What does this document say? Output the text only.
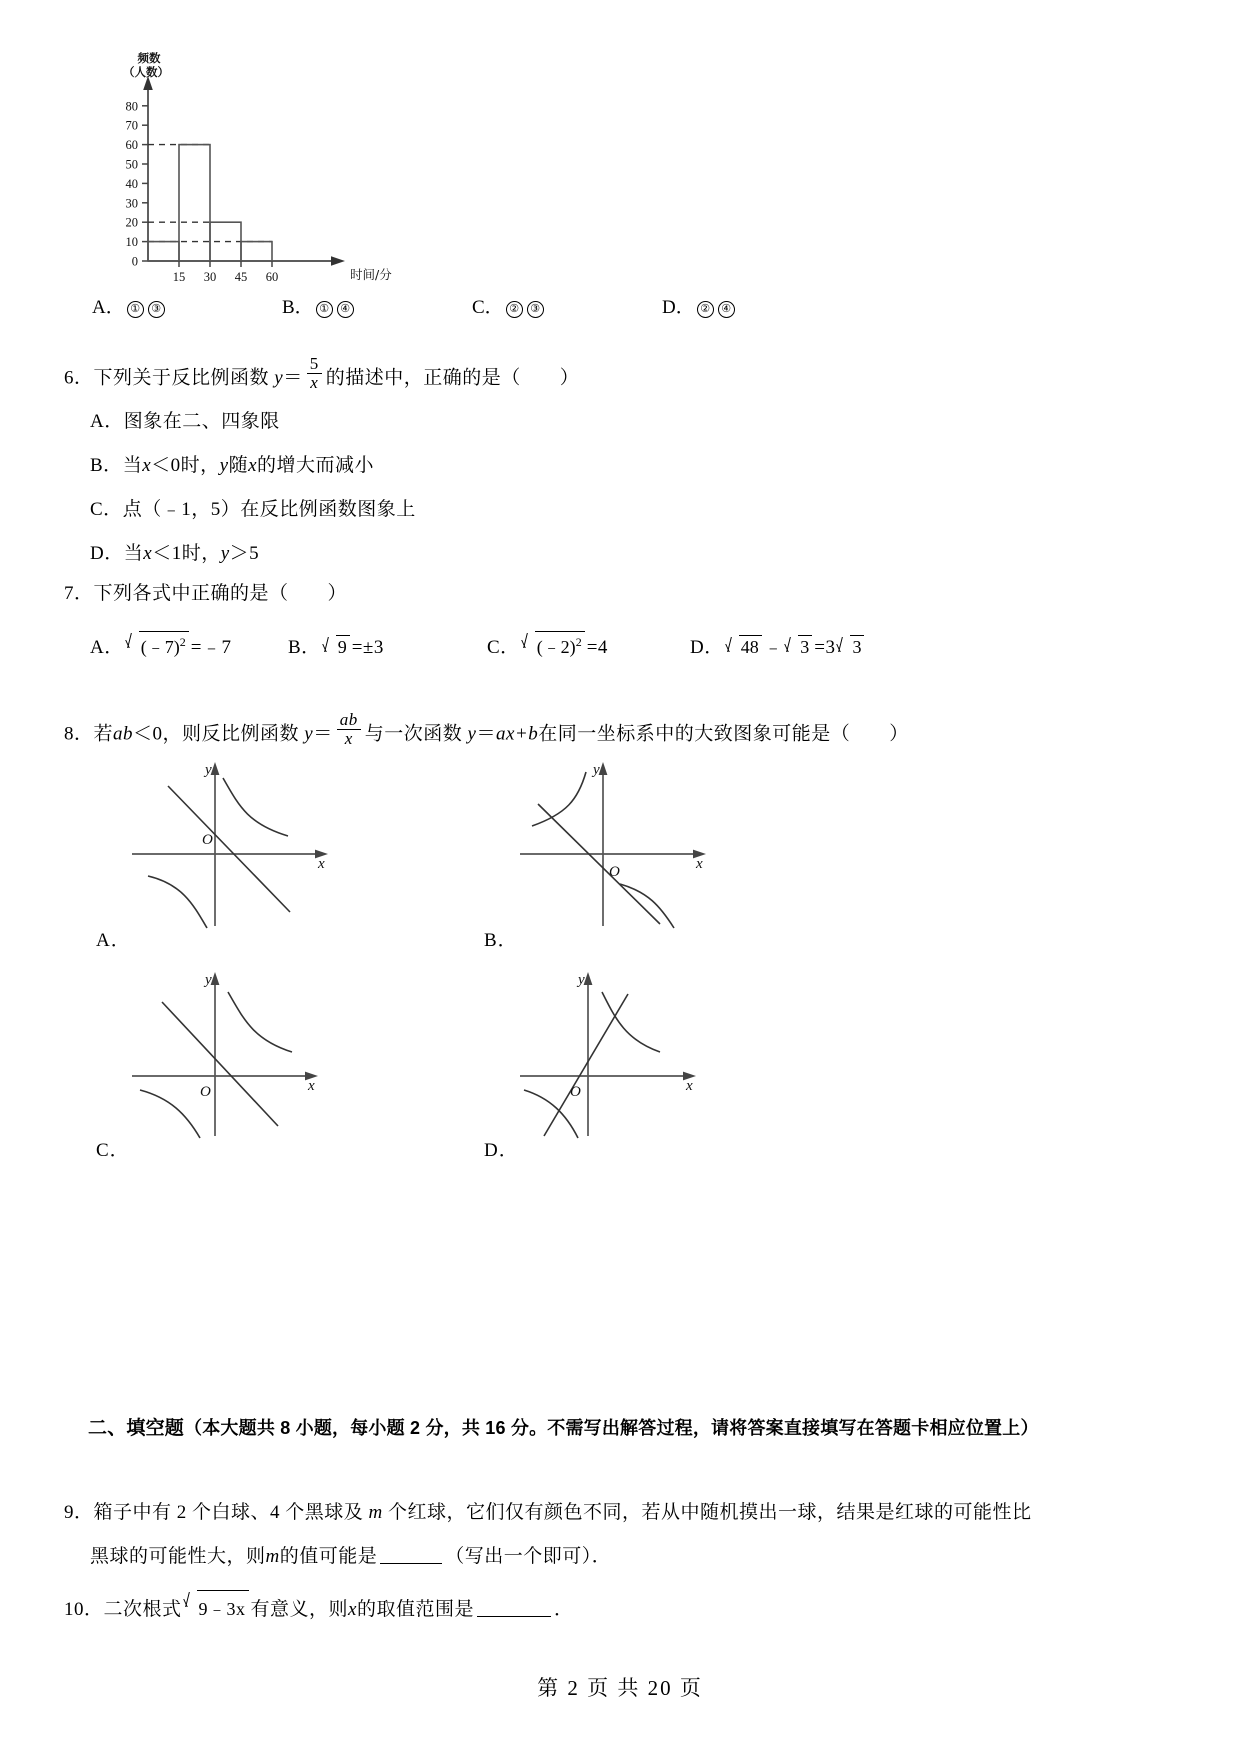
0
10
20
30
40
50
60
70
80
频数
（人数）
15 30 45 60	时间/分
A． ① ③	B． ① ④	C． ② ③	D． ② ④
6．下列关于反比例函数 $y= \frac{5}{x}$ 的描述中，正确的是（　　）
A．图象在二、四象限
B．当x＜0时，y随x的增大而减小
C．点（﹣1，5）在反比例函数图象上
D．当x＜1时，y＞5
7．下列各式中正确的是（　　）
A． (﹣7)$^2$ =﹣7	B． 9 =±3	C． (﹣2)$^2$ =4	D． 48 ﹣ 3 =3 3
8．若ab＜0，则反比例函数 $y= \frac{ab}{x}$ 与一次函数 y＝ax+b在同一坐标系中的大致图象可能是（　　）
O
y
x
A．
O
y
x
B．
O
y
x
C．
O
y
x
D．
二、填空题（本大题共 8 小题，每小题 2 分，共 16 分。不需写出解答过程，请将答案直接填写在答题卡相应位置上）
9．箱子中有 2 个白球、4 个黑球及 m 个红球，它们仅有颜色不同，若从中随机摸出一球，结果是红球的可能性比
黑球的可能性大，则m的值可能是	（写出一个即可）．
10．二次根式 9﹣3x 有意义，则x的取值范围是	．
第 2 页 共 20 页
